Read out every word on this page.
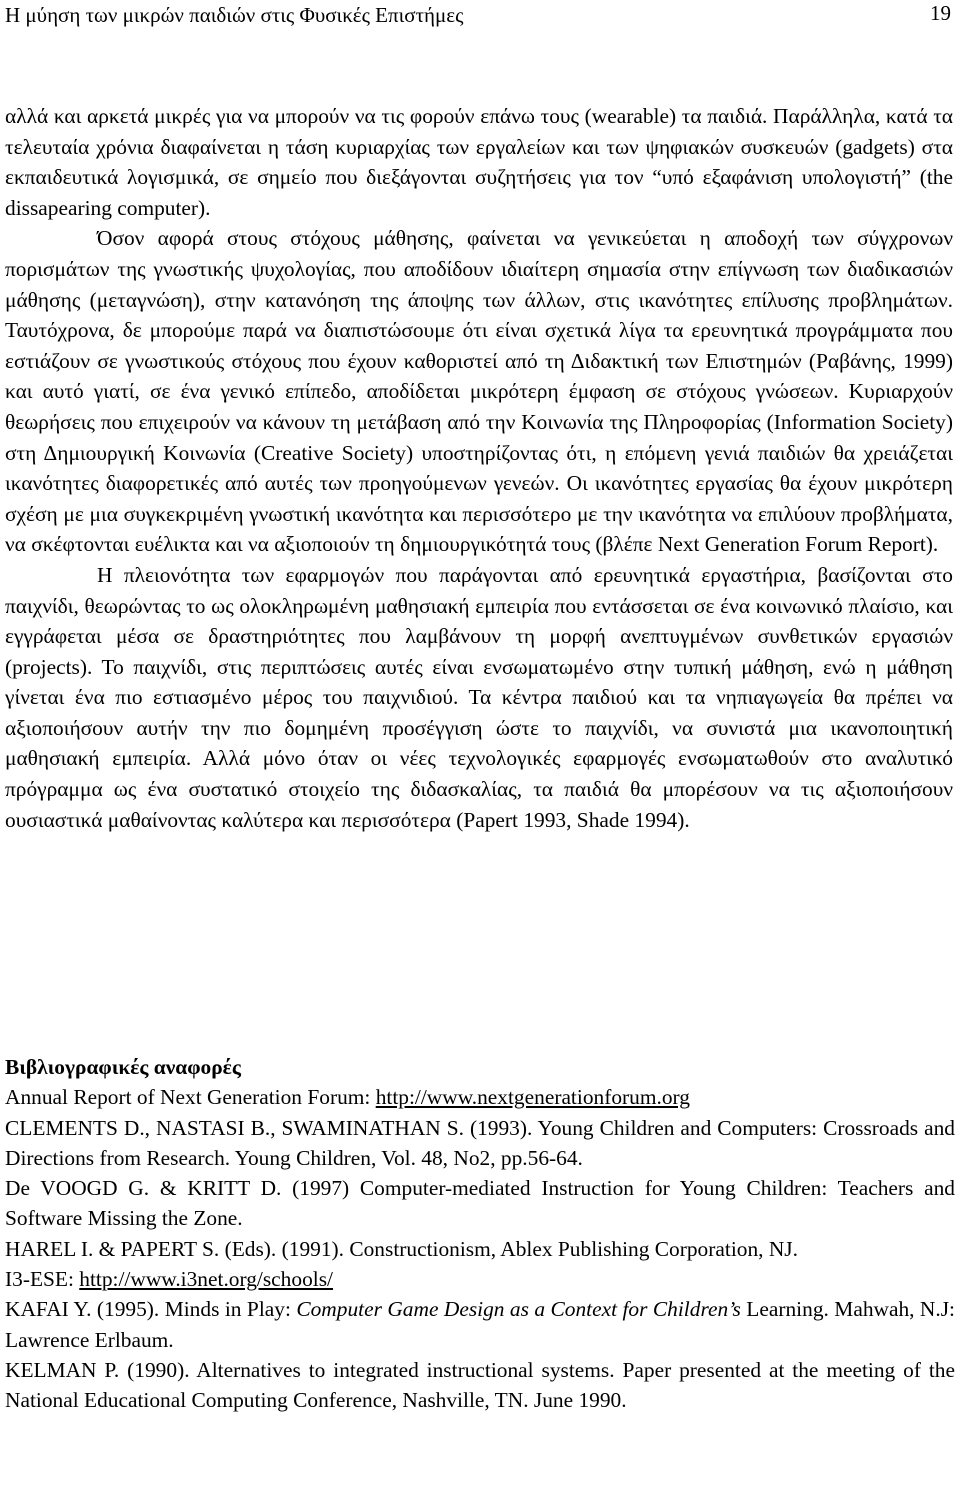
Η μύηση των μικρών παιδιών στις Φυσικές Επιστήμες	19

αλλά και αρκετά μικρές για να μπορούν να τις φορούν επάνω τους (wearable) τα παιδιά. Παράλληλα, κατά τα τελευταία χρόνια διαφαίνεται η τάση κυριαρχίας των εργαλείων και των ψηφιακών συσκευών (gadgets) στα εκπαιδευτικά λογισμικά, σε σημείο που διεξάγονται συζητήσεις για τον “υπό εξαφάνιση υπολογιστή” (the dissapearing computer).

Όσον αφορά στους στόχους μάθησης, φαίνεται να γενικεύεται η αποδοχή των σύγχρονων πορισμάτων της γνωστικής ψυχολογίας, που αποδίδουν ιδιαίτερη σημασία στην επίγνωση των διαδικασιών μάθησης (μεταγνώση), στην κατανόηση της άποψης των άλλων, στις ικανότητες επίλυσης προβλημάτων. Ταυτόχρονα, δε μπορούμε παρά να διαπιστώσουμε ότι είναι σχετικά λίγα τα ερευνητικά προγράμματα που εστιάζουν σε γνωστικούς στόχους που έχουν καθοριστεί από τη Διδακτική των Επιστημών (Ραβάνης, 1999) και αυτό γιατί, σε ένα γενικό επίπεδο, αποδίδεται μικρότερη έμφαση σε στόχους γνώσεων. Κυριαρχούν θεωρήσεις που επιχειρούν να κάνουν τη μετάβαση από την Κοινωνία της Πληροφορίας (Information Society) στη Δημιουργική Κοινωνία (Creative Society) υποστηρίζοντας ότι, η επόμενη γενιά παιδιών θα χρειάζεται ικανότητες διαφορετικές από αυτές των προηγούμενων γενεών. Οι ικανότητες εργασίας θα έχουν μικρότερη σχέση με μια συγκεκριμένη γνωστική ικανότητα και περισσότερο με την ικανότητα να επιλύουν προβλήματα, να σκέφτονται ευέλικτα και να αξιοποιούν τη δημιουργικότητά τους (βλέπε Next Generation Forum Report).

Η πλειονότητα των εφαρμογών που παράγονται από ερευνητικά εργαστήρια, βασίζονται στο παιχνίδι, θεωρώντας το ως ολοκληρωμένη μαθησιακή εμπειρία που εντάσσεται σε ένα κοινωνικό πλαίσιο, και εγγράφεται μέσα σε δραστηριότητες που λαμβάνουν τη μορφή ανεπτυγμένων συνθετικών εργασιών (projects). Το παιχνίδι, στις περιπτώσεις αυτές είναι ενσωματωμένο στην τυπική μάθηση, ενώ η μάθηση γίνεται ένα πιο εστιασμένο μέρος του παιχνιδιού. Τα κέντρα παιδιού και τα νηπιαγωγεία θα πρέπει να αξιοποιήσουν αυτήν την πιο δομημένη προσέγγιση ώστε το παιχνίδι, να συνιστά μια ικανοποιητική μαθησιακή εμπειρία. Αλλά μόνο όταν οι νέες τεχνολογικές εφαρμογές ενσωματωθούν στο αναλυτικό πρόγραμμα ως ένα συστατικό στοιχείο της διδασκαλίας, τα παιδιά θα μπορέσουν να τις αξιοποιήσουν ουσιαστικά μαθαίνοντας καλύτερα και περισσότερα (Papert 1993, Shade 1994).

Βιβλιογραφικές αναφορές

Annual Report of Next Generation Forum: http://www.nextgenerationforum.org

CLEMENTS D., NASTASI B., SWAMINATHAN S. (1993). Young Children and Computers: Crossroads and Directions from Research. Young Children, Vol. 48, No2, pp.56-64.

De VOOGD G. & KRITT D. (1997) Computer-mediated Instruction for Young Children: Teachers and Software Missing the Zone.

HAREL I. & PAPERT S. (Eds). (1991). Constructionism, Ablex Publishing Corporation, NJ.

I3-ESE: http://www.i3net.org/schools/

KAFAI Y. (1995). Minds in Play: Computer Game Design as a Context for Children’s Learning. Mahwah, N.J: Lawrence Erlbaum.

KELMAN P. (1990). Alternatives to integrated instructional systems. Paper presented at the meeting of the National Educational Computing Conference, Nashville, TN. June 1990.
